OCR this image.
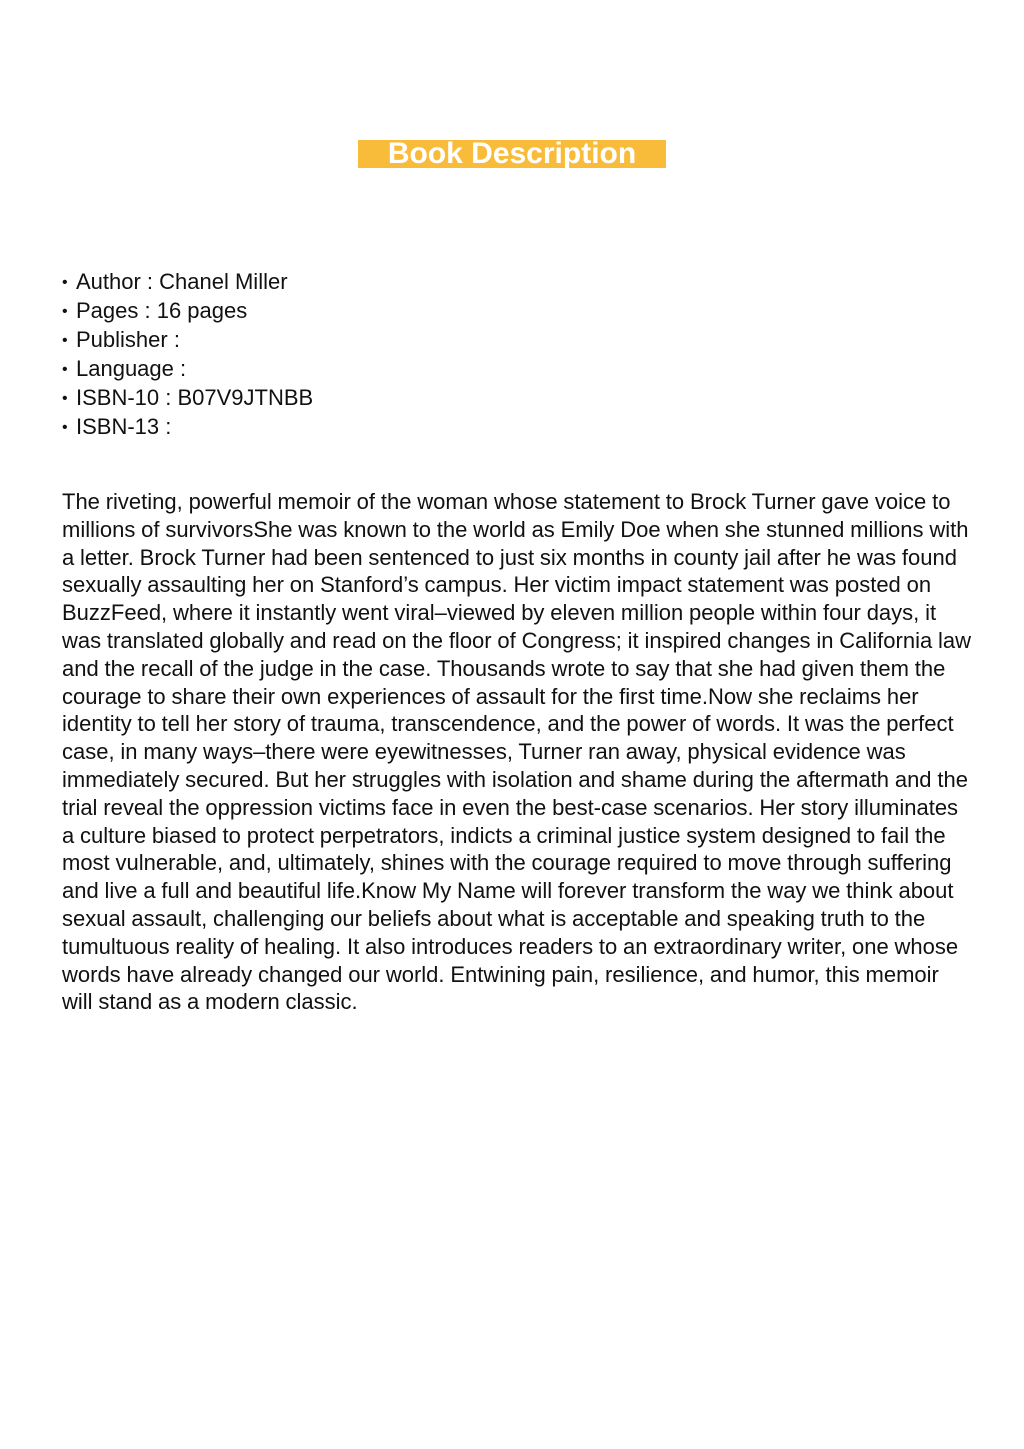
Book Description
• Author : Chanel Miller
• Pages : 16 pages
• Publisher :
• Language :
• ISBN-10 : B07V9JTNBB
• ISBN-13 :

The riveting, powerful memoir of the woman whose statement to Brock Turner gave voice to millions of survivorsShe was known to the world as Emily Doe when she stunned millions with a letter. Brock Turner had been sentenced to just six months in county jail after he was found sexually assaulting her on Stanford’s campus. Her victim impact statement was posted on BuzzFeed, where it instantly went viral–viewed by eleven million people within four days, it was translated globally and read on the floor of Congress; it inspired changes in California law and the recall of the judge in the case. Thousands wrote to say that she had given them the courage to share their own experiences of assault for the first time.Now she reclaims her identity to tell her story of trauma, transcendence, and the power of words. It was the perfect case, in many ways–there were eyewitnesses, Turner ran away, physical evidence was immediately secured. But her struggles with isolation and shame during the aftermath and the trial reveal the oppression victims face in even the best-case scenarios. Her story illuminates a culture biased to protect perpetrators, indicts a criminal justice system designed to fail the most vulnerable, and, ultimately, shines with the courage required to move through suffering and live a full and beautiful life.Know My Name will forever transform the way we think about sexual assault, challenging our beliefs about what is acceptable and speaking truth to the tumultuous reality of healing. It also introduces readers to an extraordinary writer, one whose words have already changed our world. Entwining pain, resilience, and humor, this memoir will stand as a modern classic.
